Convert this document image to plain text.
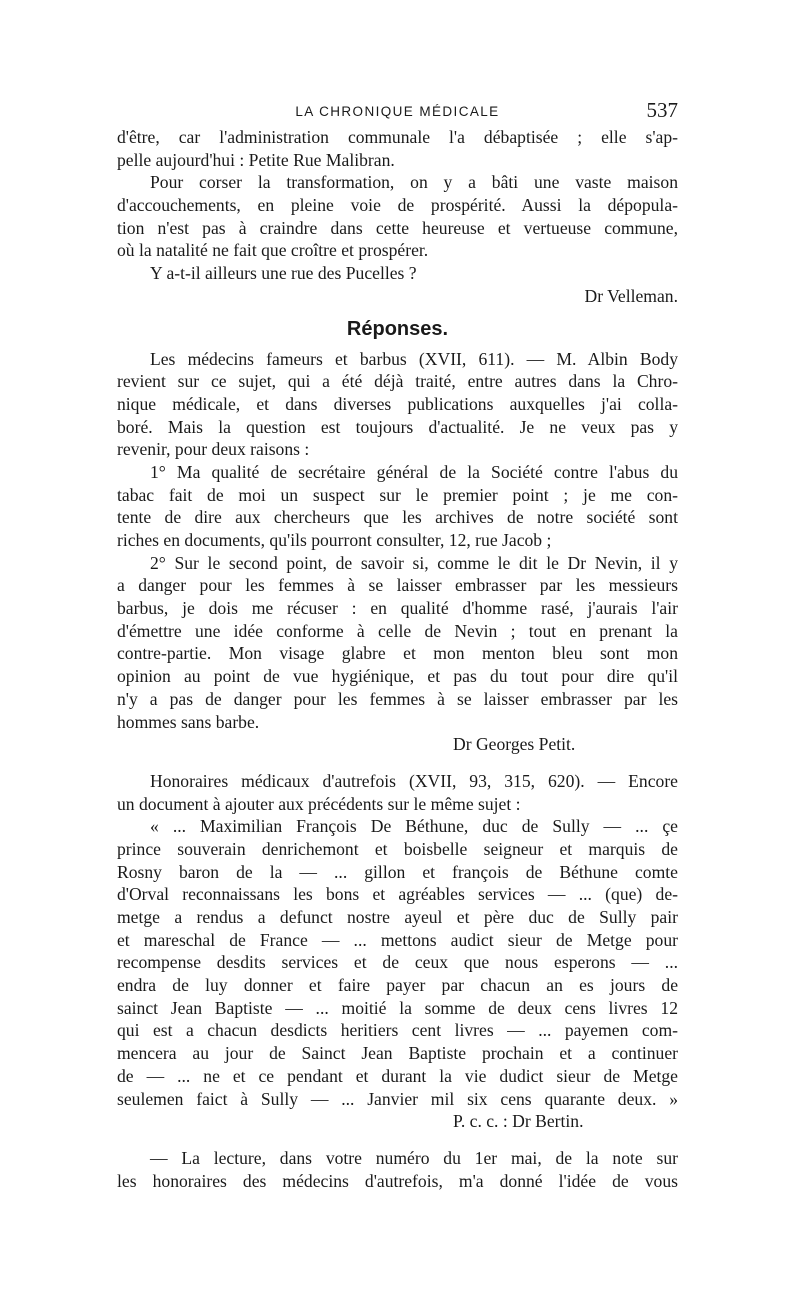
LA CHRONIQUE MÉDICALE	537
d'être, car l'administration communale l'a débaptisée ; elle s'ap-
pelle aujourd'hui : Petite Rue Malibran.
Pour corser la transformation, on y a bâti une vaste maison
d'accouchements, en pleine voie de prospérité. Aussi la dépopula-
tion n'est pas à craindre dans cette heureuse et vertueuse commune,
où la natalité ne fait que croître et prospérer.
Y a-t-il ailleurs une rue des Pucelles ?
Dr Velleman.
Réponses.
Les médecins fameurs et barbus (XVII, 611). — M. Albin Body
revient sur ce sujet, qui a été déjà traité, entre autres dans la Chro-
nique médicale, et dans diverses publications auxquelles j'ai colla-
boré. Mais la question est toujours d'actualité. Je ne veux pas y
revenir, pour deux raisons :
1° Ma qualité de secrétaire général de la Société contre l'abus du
tabac fait de moi un suspect sur le premier point ; je me con-
tente de dire aux chercheurs que les archives de notre société sont
riches en documents, qu'ils pourront consulter, 12, rue Jacob ;
2° Sur le second point, de savoir si, comme le dit le Dr Nevin, il y
a danger pour les femmes à se laisser embrasser par les messieurs
barbus, je dois me récuser : en qualité d'homme rasé, j'aurais l'air
d'émettre une idée conforme à celle de Nevin ; tout en prenant la
contre-partie. Mon visage glabre et mon menton bleu sont mon
opinion au point de vue hygiénique, et pas du tout pour dire qu'il
n'y a pas de danger pour les femmes à se laisser embrasser par les
hommes sans barbe.
Dr Georges Petit.
Honoraires médicaux d'autrefois (XVII, 93, 315, 620). — Encore
un document à ajouter aux précédents sur le même sujet :
« ... Maximilian François De Béthune, duc de Sully — ... çe
prince souverain denrichemont et boisbelle seigneur et marquis de
Rosny baron de la — ... gillon et françois de Béthune comte
d'Orval reconnaissans les bons et agréables services — ... (que) de-
metge a rendus a defunct nostre ayeul et père duc de Sully pair
et mareschal de France — ... mettons audict sieur de Metge pour
recompense desdits services et de ceux que nous esperons — ...
endra de luy donner et faire payer par chacun an es jours de
sainct Jean Baptiste — ... moitié la somme de deux cens livres 12
qui est a chacun desdicts heritiers cent livres — ... payemen com-
mencera au jour de Sainct Jean Baptiste prochain et a continuer
de — ... ne et ce pendant et durant la vie dudict sieur de Metge
seulemen faict à Sully — ... Janvier mil six cens quarante deux. »
P. c. c. : Dr Bertin.
— La lecture, dans votre numéro du 1er mai, de la note sur
les honoraires des médecins d'autrefois, m'a donné l'idée de vous
